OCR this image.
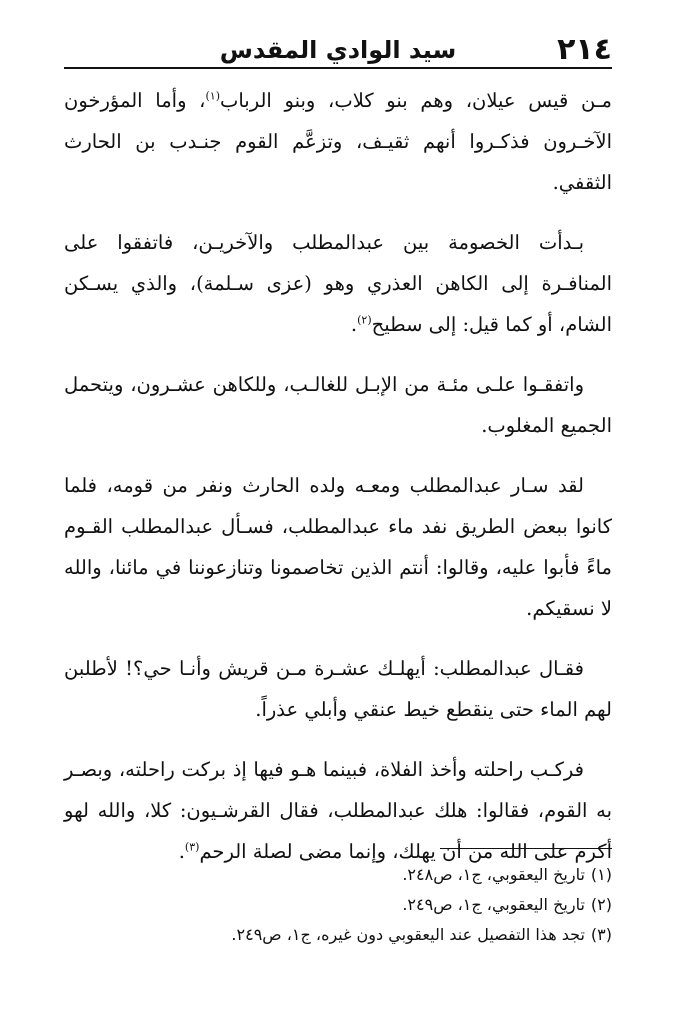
٢١٤
سيد الوادي المقدس

مـن قيس عيلان، وهم بنو كلاب، وبنو الرباب$^{(١)}$، وأما المؤرخون الآخـرون فذكـروا أنهم ثقيـف، وتزعَّم القوم جنـدب بن الحارث الثقفي.

بـدأت الخصومة بين عبدالمطلب والآخريـن، فاتفقوا على المنافـرة إلى الكاهن العذري وهو (عزى سـلمة)، والذي يسـكن الشام، أو كما قيل: إلى سطيح$^{(٢)}$.

واتفقـوا علـى مئـة من الإبـل للغالـب، وللكاهن عشـرون، ويتحمل الجميع المغلوب.

لقد سـار عبدالمطلب ومعـه ولده الحارث ونفر من قومه، فلما كانوا ببعض الطريق نفد ماء عبدالمطلب، فسـأل عبدالمطلب القـوم ماءً فأبوا عليه، وقالوا: أنتم الذين تخاصمونا وتنازعوننا في مائنا، والله لا نسقيكم.

فقـال عبدالمطلب: أيهلـك عشـرة مـن قريش وأنـا حي؟! لأطلبن لهم الماء حتى ينقطع خيط عنقي وأبلي عذراً.

فركـب راحلته وأخذ الفلاة، فبينما هـو فيها إذ بركت راحلته، وبصـر به القوم، فقالوا: هلك عبدالمطلب، فقال القرشـيون: كلا، والله لهو أكرم على الله من أن يهلك، وإنما مضى لصلة الرحم$^{(٣)}$.

(١)تاريخ اليعقوبي، ج١، ص٢٤٨.

(٢)تاريخ اليعقوبي، ج١، ص٢٤٩.

(٣)تجد هذا التفصيل عند اليعقوبي دون غيره، ج١، ص٢٤٩.
